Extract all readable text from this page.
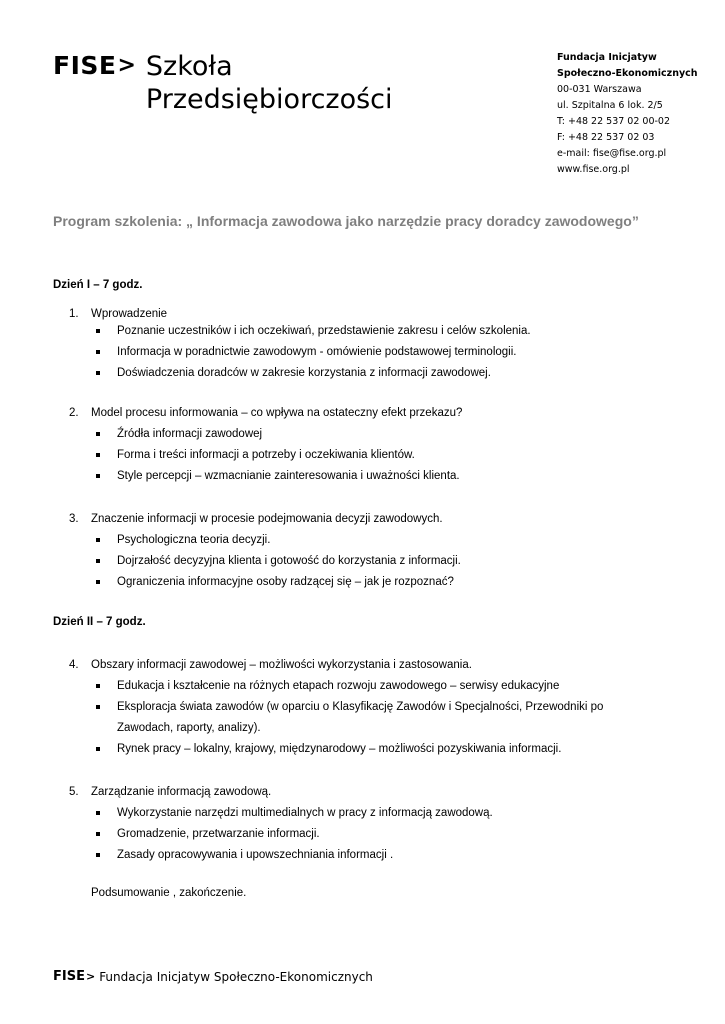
FISE > Szkoła
Przedsiębiorczości
Fundacja Inicjatyw
Społeczno-Ekonomicznych
00-031 Warszawa
ul. Szpitalna 6 lok. 2/5
T: +48 22 537 02 00-02
F: +48 22 537 02 03
e-mail: fise@fise.org.pl
www.fise.org.pl
Program szkolenia: „ Informacja zawodowa jako narzędzie pracy doradcy zawodowego”
Dzień I – 7 godz.
1.	Wprowadzenie
Poznanie uczestników i ich oczekiwań, przedstawienie zakresu i celów szkolenia.
Informacja w poradnictwie zawodowym - omówienie podstawowej terminologii.
Doświadczenia doradców w zakresie korzystania z informacji zawodowej.
2.	Model procesu informowania – co wpływa na ostateczny efekt przekazu?
Źródła informacji zawodowej
Forma i treści informacji a potrzeby i oczekiwania klientów.
Style percepcji – wzmacnianie zainteresowania i uważności klienta.
3.	Znaczenie informacji w procesie podejmowania decyzji zawodowych.
Psychologiczna teoria decyzji.
Dojrzałość decyzyjna klienta i gotowość do korzystania z informacji.
Ograniczenia informacyjne osoby radzącej się – jak je rozpoznać?
Dzień II – 7 godz.
4.	Obszary informacji zawodowej – możliwości wykorzystania i zastosowania.
Edukacja i kształcenie na różnych etapach rozwoju zawodowego – serwisy edukacyjne
Eksploracja świata zawodów (w oparciu o Klasyfikację Zawodów i Specjalności, Przewodniki po Zawodach, raporty, analizy).
Rynek pracy – lokalny, krajowy, międzynarodowy – możliwości pozyskiwania informacji.
5.	Zarządzanie informacją zawodową.
Wykorzystanie narzędzi multimedialnych w pracy z informacją zawodową.
Gromadzenie, przetwarzanie informacji.
Zasady opracowywania i upowszechniania informacji .
Podsumowanie , zakończenie.
FISE > Fundacja Inicjatyw Społeczno-Ekonomicznych
